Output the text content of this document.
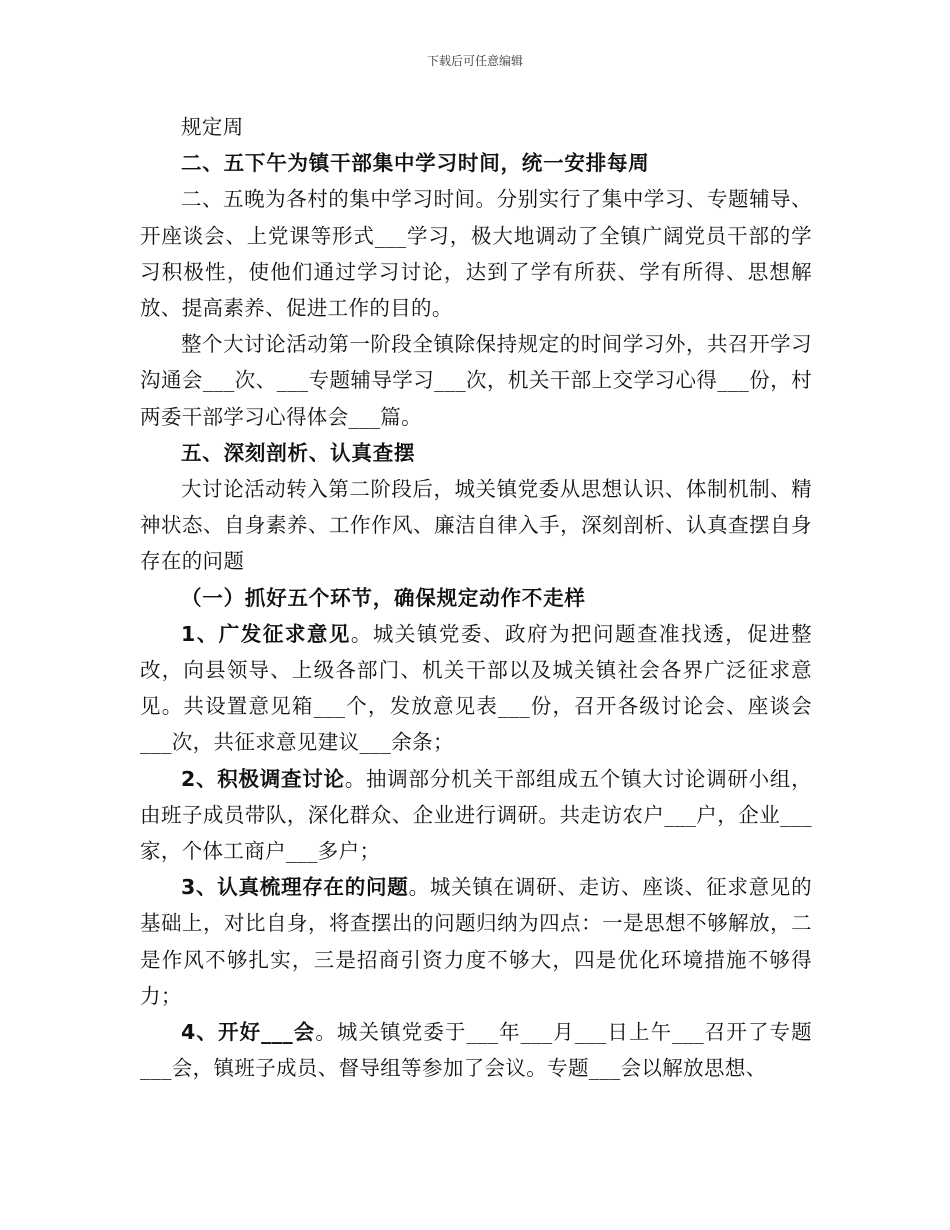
下载后可任意编辑

规定周

二、五下午为镇干部集中学习时间，统一安排每周

二、五晚为各村的集中学习时间。分别实行了集中学习、专题辅导、开座谈会、上党课等形式___学习，极大地调动了全镇广阔党员干部的学习积极性，使他们通过学习讨论，达到了学有所获、学有所得、思想解放、提高素养、促进工作的目的。

整个大讨论活动第一阶段全镇除保持规定的时间学习外，共召开学习沟通会___次、___专题辅导学习___次，机关干部上交学习心得___份，村两委干部学习心得体会___篇。

五、深刻剖析、认真查摆

大讨论活动转入第二阶段后，城关镇党委从思想认识、体制机制、精神状态、自身素养、工作作风、廉洁自律入手，深刻剖析、认真查摆自身存在的问题

（一）抓好五个环节，确保规定动作不走样

1、广发征求意见。城关镇党委、政府为把问题查准找透，促进整改，向县领导、上级各部门、机关干部以及城关镇社会各界广泛征求意见。共设置意见箱___个，发放意见表___份，召开各级讨论会、座谈会___次，共征求意见建议___余条；

2、积极调查讨论。抽调部分机关干部组成五个镇大讨论调研小组，由班子成员带队，深化群众、企业进行调研。共走访农户___户，企业___家，个体工商户___多户；

3、认真梳理存在的问题。城关镇在调研、走访、座谈、征求意见的基础上，对比自身，将查摆出的问题归纳为四点：一是思想不够解放，二是作风不够扎实，三是招商引资力度不够大，四是优化环境措施不够得力；

4、开好___会。城关镇党委于___年___月___日上午___召开了专题___会，镇班子成员、督导组等参加了会议。专题___会以解放思想、
